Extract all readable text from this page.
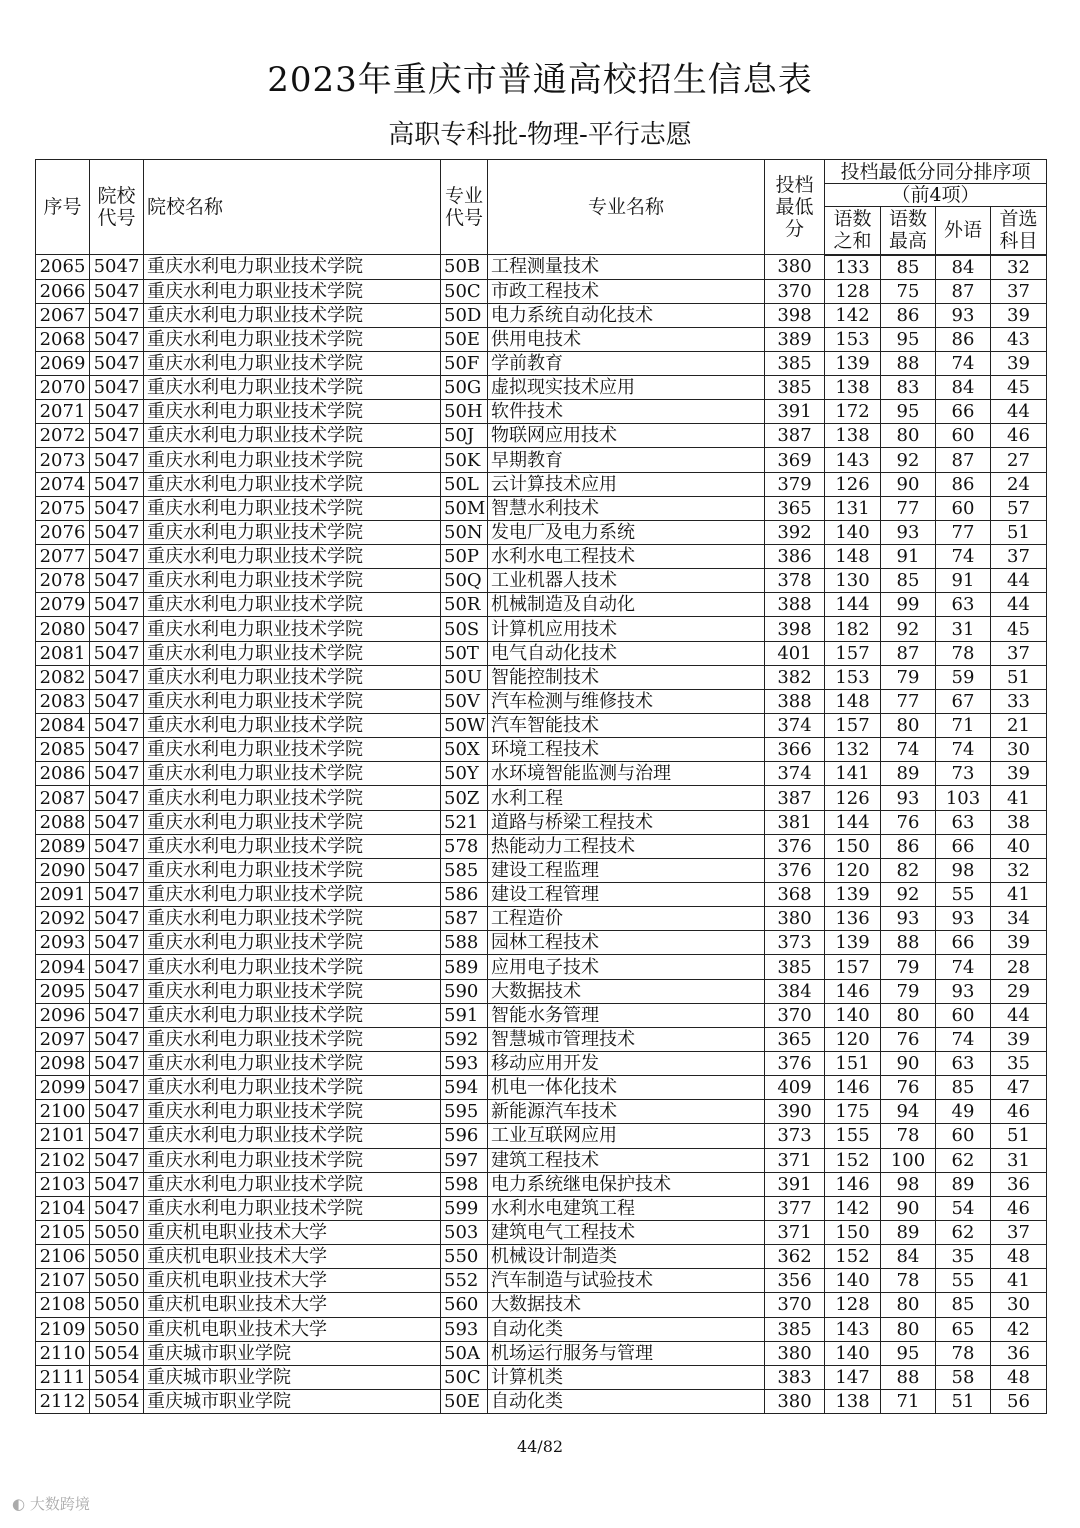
2023年重庆市普通高校招生信息表
高职专科批-物理-平行志愿
序号	院校代号	院校名称	专业代号	专业名称	投档最低分	投档最低分同分排序项			
						（前4项）			
						语数之和	语数最高	外语	首选科目
2065	5047	重庆水利电力职业技术学院	50B	工程测量技术	380	133	85	84	32
2066	5047	重庆水利电力职业技术学院	50C	市政工程技术	370	128	75	87	37
2067	5047	重庆水利电力职业技术学院	50D	电力系统自动化技术	398	142	86	93	39
2068	5047	重庆水利电力职业技术学院	50E	供用电技术	389	153	95	86	43
2069	5047	重庆水利电力职业技术学院	50F	学前教育	385	139	88	74	39
2070	5047	重庆水利电力职业技术学院	50G	虚拟现实技术应用	385	138	83	84	45
2071	5047	重庆水利电力职业技术学院	50H	软件技术	391	172	95	66	44
2072	5047	重庆水利电力职业技术学院	50J	物联网应用技术	387	138	80	60	46
2073	5047	重庆水利电力职业技术学院	50K	早期教育	369	143	92	87	27
2074	5047	重庆水利电力职业技术学院	50L	云计算技术应用	379	126	90	86	24
2075	5047	重庆水利电力职业技术学院	50M	智慧水利技术	365	131	77	60	57
2076	5047	重庆水利电力职业技术学院	50N	发电厂及电力系统	392	140	93	77	51
2077	5047	重庆水利电力职业技术学院	50P	水利水电工程技术	386	148	91	74	37
2078	5047	重庆水利电力职业技术学院	50Q	工业机器人技术	378	130	85	91	44
2079	5047	重庆水利电力职业技术学院	50R	机械制造及自动化	388	144	99	63	44
2080	5047	重庆水利电力职业技术学院	50S	计算机应用技术	398	182	92	31	45
2081	5047	重庆水利电力职业技术学院	50T	电气自动化技术	401	157	87	78	37
2082	5047	重庆水利电力职业技术学院	50U	智能控制技术	382	153	79	59	51
2083	5047	重庆水利电力职业技术学院	50V	汽车检测与维修技术	388	148	77	67	33
2084	5047	重庆水利电力职业技术学院	50W	汽车智能技术	374	157	80	71	21
2085	5047	重庆水利电力职业技术学院	50X	环境工程技术	366	132	74	74	30
2086	5047	重庆水利电力职业技术学院	50Y	水环境智能监测与治理	374	141	89	73	39
2087	5047	重庆水利电力职业技术学院	50Z	水利工程	387	126	93	103	41
2088	5047	重庆水利电力职业技术学院	521	道路与桥梁工程技术	381	144	76	63	38
2089	5047	重庆水利电力职业技术学院	578	热能动力工程技术	376	150	86	66	40
2090	5047	重庆水利电力职业技术学院	585	建设工程监理	376	120	82	98	32
2091	5047	重庆水利电力职业技术学院	586	建设工程管理	368	139	92	55	41
2092	5047	重庆水利电力职业技术学院	587	工程造价	380	136	93	93	34
2093	5047	重庆水利电力职业技术学院	588	园林工程技术	373	139	88	66	39
2094	5047	重庆水利电力职业技术学院	589	应用电子技术	385	157	79	74	28
2095	5047	重庆水利电力职业技术学院	590	大数据技术	384	146	79	93	29
2096	5047	重庆水利电力职业技术学院	591	智能水务管理	370	140	80	60	44
2097	5047	重庆水利电力职业技术学院	592	智慧城市管理技术	365	120	76	74	39
2098	5047	重庆水利电力职业技术学院	593	移动应用开发	376	151	90	63	35
2099	5047	重庆水利电力职业技术学院	594	机电一体化技术	409	146	76	85	47
2100	5047	重庆水利电力职业技术学院	595	新能源汽车技术	390	175	94	49	46
2101	5047	重庆水利电力职业技术学院	596	工业互联网应用	373	155	78	60	51
2102	5047	重庆水利电力职业技术学院	597	建筑工程技术	371	152	100	62	31
2103	5047	重庆水利电力职业技术学院	598	电力系统继电保护技术	391	146	98	89	36
2104	5047	重庆水利电力职业技术学院	599	水利水电建筑工程	377	142	90	54	46
2105	5050	重庆机电职业技术大学	503	建筑电气工程技术	371	150	89	62	37
2106	5050	重庆机电职业技术大学	550	机械设计制造类	362	152	84	35	48
2107	5050	重庆机电职业技术大学	552	汽车制造与试验技术	356	140	78	55	41
2108	5050	重庆机电职业技术大学	560	大数据技术	370	128	80	85	30
2109	5050	重庆机电职业技术大学	593	自动化类	385	143	80	65	42
2110	5054	重庆城市职业学院	50A	机场运行服务与管理	380	140	95	78	36
2111	5054	重庆城市职业学院	50C	计算机类	383	147	88	58	48
2112	5054	重庆城市职业学院	50E	自动化类	380	138	71	51	56
44/82
◐ 大数跨境
